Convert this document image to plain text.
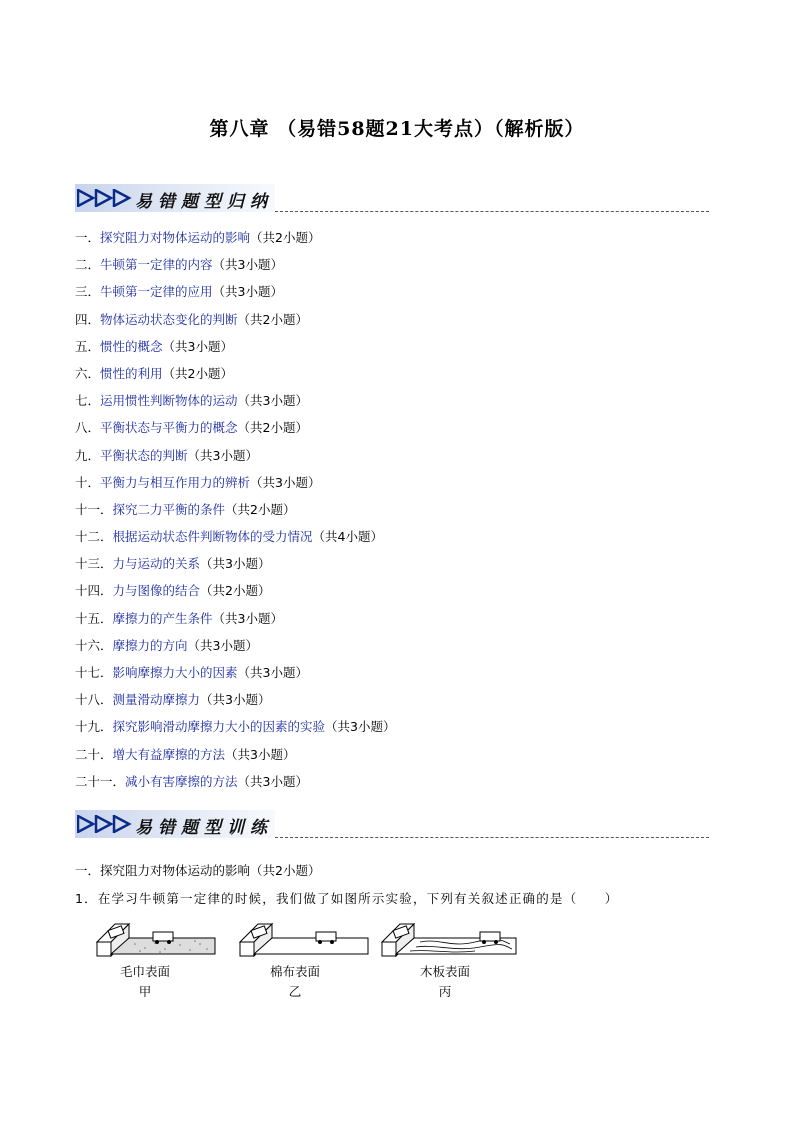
第八章 （易错58题21大考点）（解析版）
易错题型归纳
一．探究阻力对物体运动的影响（共2小题）
二．牛顿第一定律的内容（共3小题）
三．牛顿第一定律的应用（共3小题）
四．物体运动状态变化的判断（共2小题）
五．惯性的概念（共3小题）
六．惯性的利用（共2小题）
七．运用惯性判断物体的运动（共3小题）
八．平衡状态与平衡力的概念（共2小题）
九．平衡状态的判断（共3小题）
十．平衡力与相互作用力的辨析（共3小题）
十一．探究二力平衡的条件（共2小题）
十二．根据运动状态件判断物体的受力情况（共4小题）
十三．力与运动的关系（共3小题）
十四．力与图像的结合（共2小题）
十五．摩擦力的产生条件（共3小题）
十六．摩擦力的方向（共3小题）
十七．影响摩擦力大小的因素（共3小题）
十八．测量滑动摩擦力（共3小题）
十九．探究影响滑动摩擦力大小的因素的实验（共3小题）
二十．增大有益摩擦的方法（共3小题）
二十一．减小有害摩擦的方法（共3小题）
易错题型训练
一．探究阻力对物体运动的影响（共2小题）
1．在学习牛顿第一定律的时候，我们做了如图所示实验，下列有关叙述正确的是（　　）
毛巾表面
甲
棉布表面
乙
木板表面
丙
